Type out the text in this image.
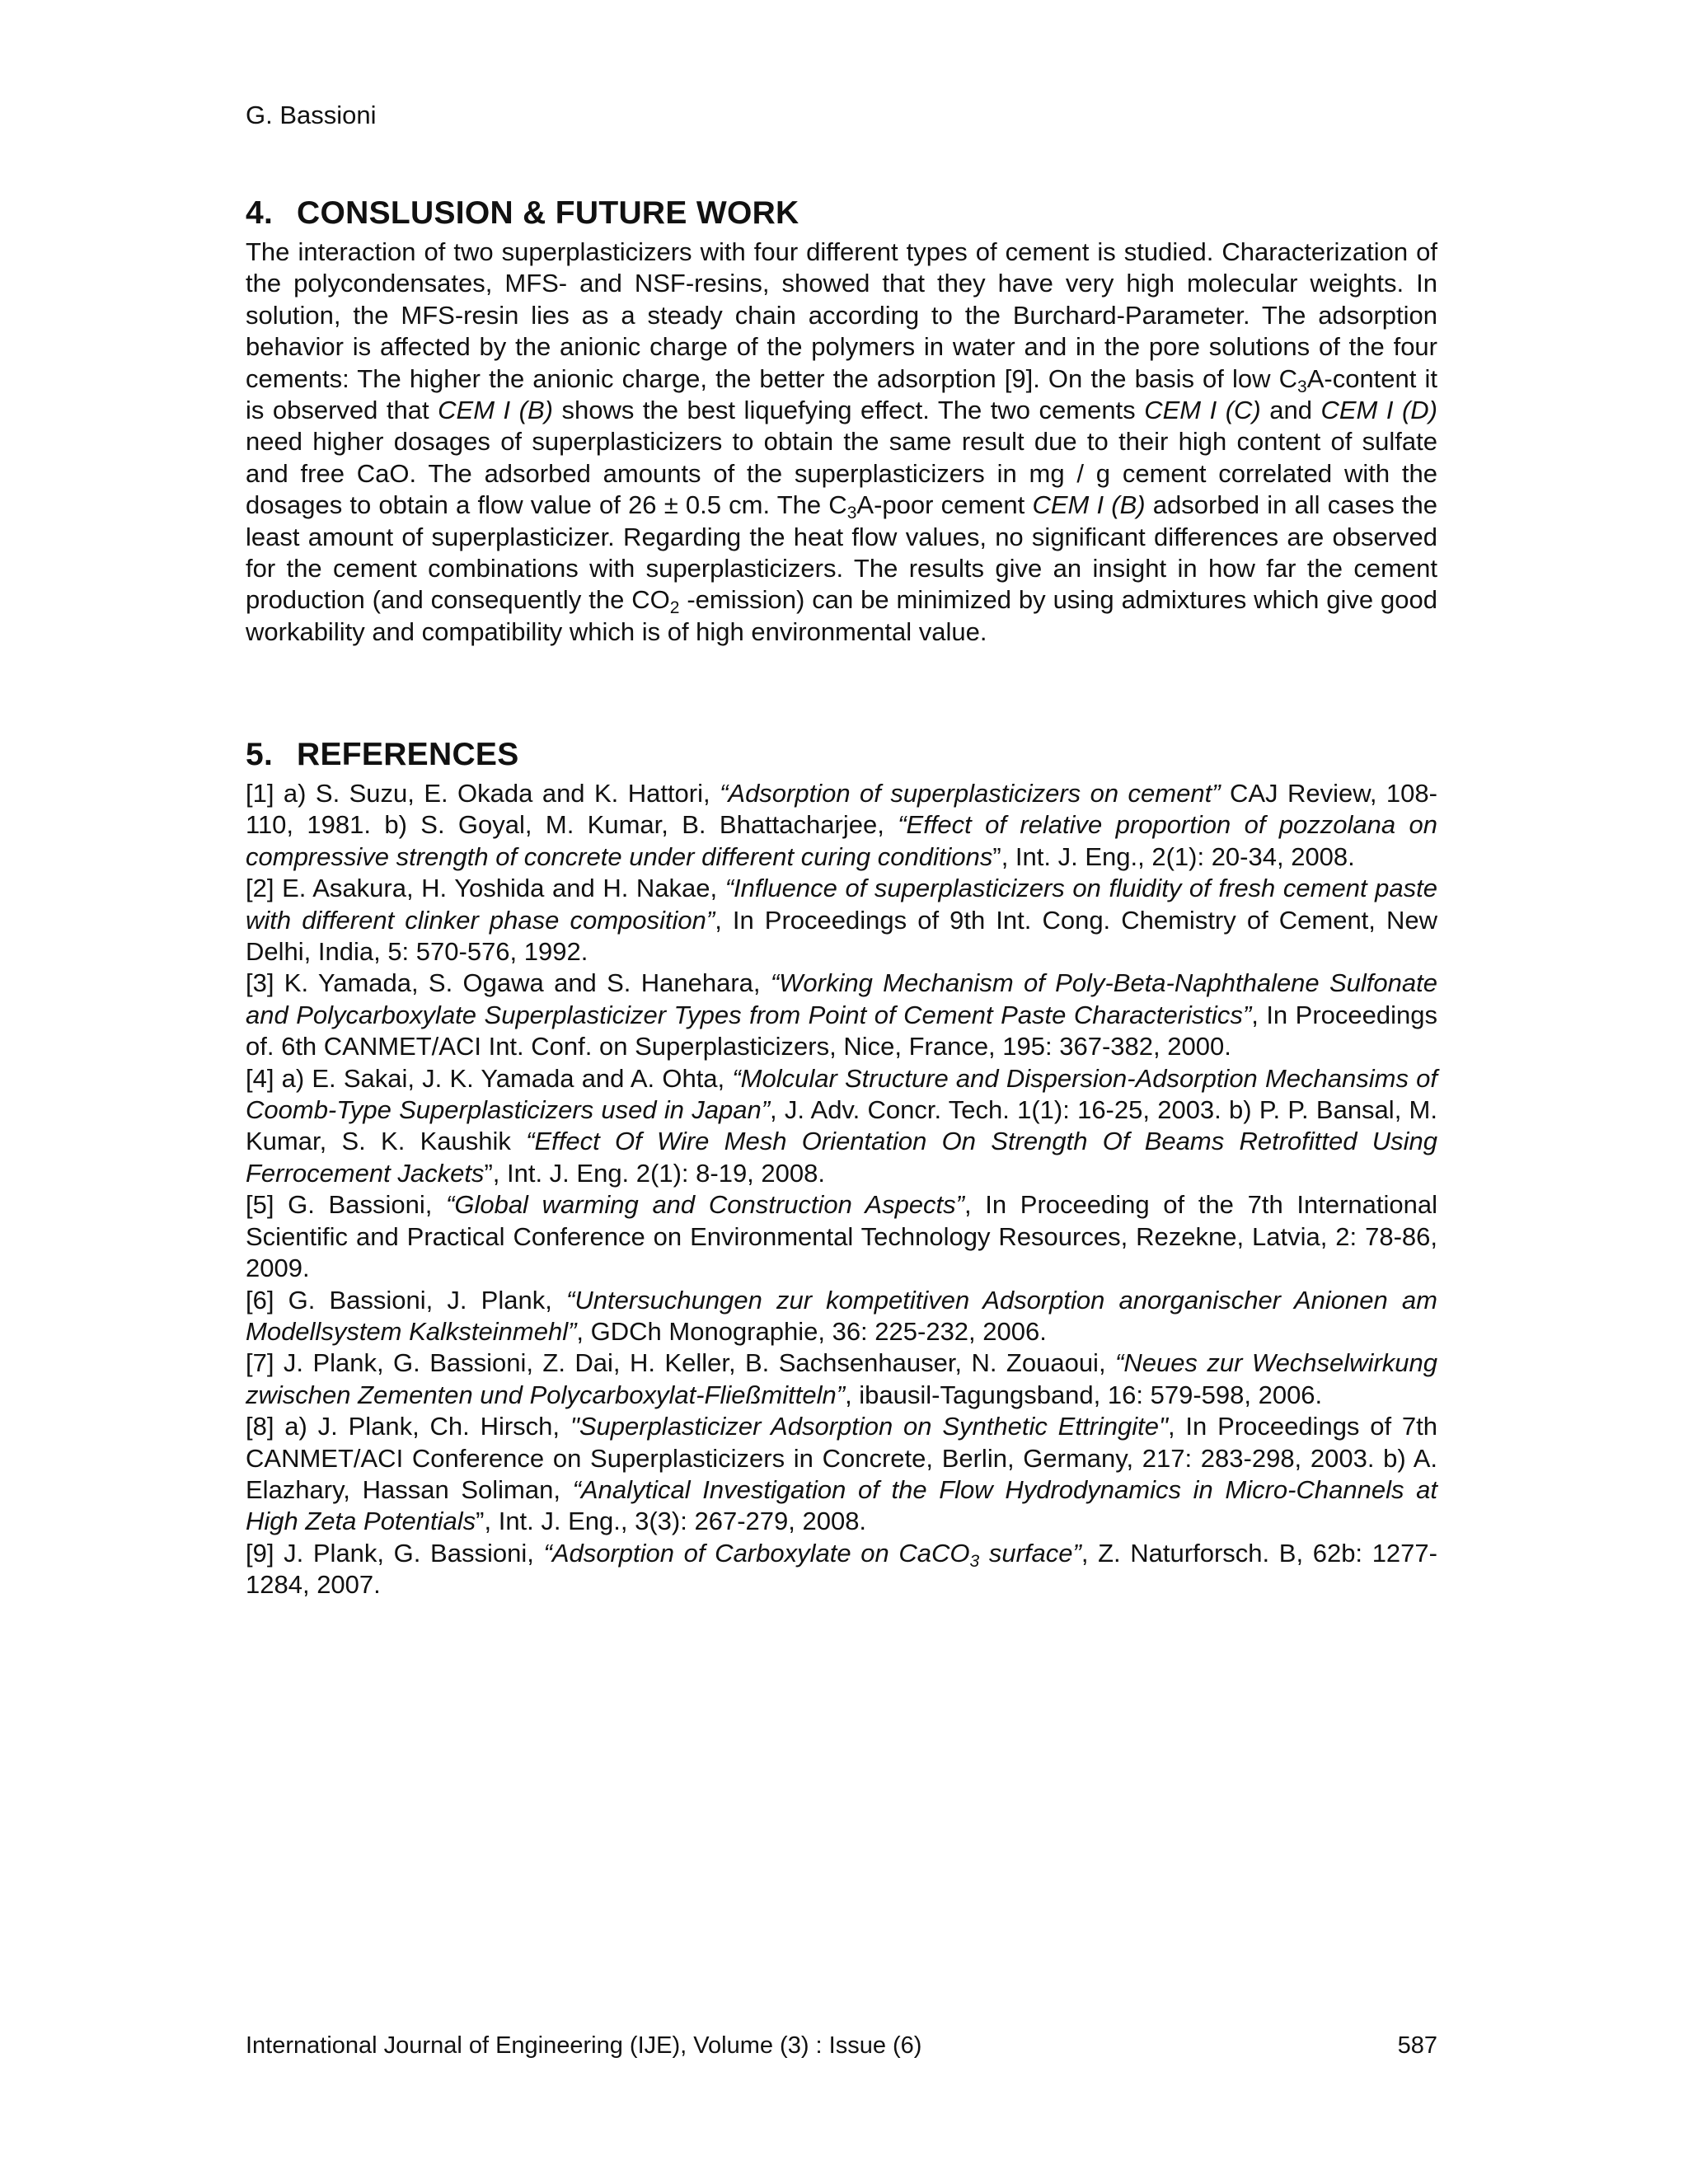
G. Bassioni
4. CONSLUSION & FUTURE WORK

The interaction of two superplasticizers with four different types of cement is studied. Characterization of the polycondensates, MFS- and NSF-resins, showed that they have very high molecular weights. In solution, the MFS-resin lies as a steady chain according to the Burchard-Parameter. The adsorption behavior is affected by the anionic charge of the polymers in water and in the pore solutions of the four cements: The higher the anionic charge, the better the adsorption [9]. On the basis of low $C_3A$-content it is observed that CEM I (B) shows the best liquefying effect. The two cements CEM I (C) and CEM I (D) need higher dosages of superplasticizers to obtain the same result due to their high content of sulfate and free CaO. The adsorbed amounts of the superplasticizers in mg / g cement correlated with the dosages to obtain a flow value of 26 ± 0.5 cm. The $C_3A$-poor cement CEM I (B) adsorbed in all cases the least amount of superplasticizer. Regarding the heat flow values, no significant differences are observed for the cement combinations with superplasticizers. The results give an insight in how far the cement production (and consequently the $CO_2$ -emission) can be minimized by using admixtures which give good workability and compatibility which is of high environmental value.

5. REFERENCES

[1] a) S. Suzu, E. Okada and K. Hattori, “Adsorption of superplasticizers on cement” CAJ Review, 108-110, 1981. b) S. Goyal, M. Kumar, B. Bhattacharjee, “Effect of relative proportion of pozzolana on compressive strength of concrete under different curing conditions”, Int. J. Eng., 2(1): 20-34, 2008.

[2] E. Asakura, H. Yoshida and H. Nakae, “Influence of superplasticizers on fluidity of fresh cement paste with different clinker phase composition”, In Proceedings of 9th Int. Cong. Chemistry of Cement, New Delhi, India, 5: 570-576, 1992.

[3] K. Yamada, S. Ogawa and S. Hanehara, “Working Mechanism of Poly-Beta-Naphthalene Sulfonate and Polycarboxylate Superplasticizer Types from Point of Cement Paste Characteristics”, In Proceedings of. 6th CANMET/ACI Int. Conf. on Superplasticizers, Nice, France, 195: 367-382, 2000.

[4] a) E. Sakai, J. K. Yamada and A. Ohta, “Molcular Structure and Dispersion-Adsorption Mechansims of Coomb-Type Superplasticizers used in Japan”, J. Adv. Concr. Tech. 1(1): 16-25, 2003. b) P. P. Bansal, M. Kumar, S. K. Kaushik “Effect Of Wire Mesh Orientation On Strength Of Beams Retrofitted Using Ferrocement Jackets”, Int. J. Eng. 2(1): 8-19, 2008.

[5] G. Bassioni, “Global warming and Construction Aspects”, In Proceeding of the 7th International Scientific and Practical Conference on Environmental Technology Resources, Rezekne, Latvia, 2: 78-86, 2009.

[6] G. Bassioni, J. Plank, “Untersuchungen zur kompetitiven Adsorption anorganischer Anionen am Modellsystem Kalksteinmehl”, GDCh Monographie, 36: 225-232, 2006.

[7] J. Plank, G. Bassioni, Z. Dai, H. Keller, B. Sachsenhauser, N. Zouaoui, “Neues zur Wechselwirkung zwischen Zementen und Polycarboxylat-Fließmitteln”, ibausil-Tagungsband, 16: 579-598, 2006.

[8] a) J. Plank, Ch. Hirsch, "Superplasticizer Adsorption on Synthetic Ettringite", In Proceedings of 7th CANMET/ACI Conference on Superplasticizers in Concrete, Berlin, Germany, 217: 283-298, 2003. b) A. Elazhary, Hassan Soliman, “Analytical Investigation of the Flow Hydrodynamics in Micro-Channels at High Zeta Potentials”, Int. J. Eng., 3(3): 267-279, 2008.

[9] J. Plank, G. Bassioni, “Adsorption of Carboxylate on CaCO$_3$ surface”, Z. Naturforsch. B, 62b: 1277-1284, 2007.

International Journal of Engineering (IJE), Volume (3) : Issue (6)	587
